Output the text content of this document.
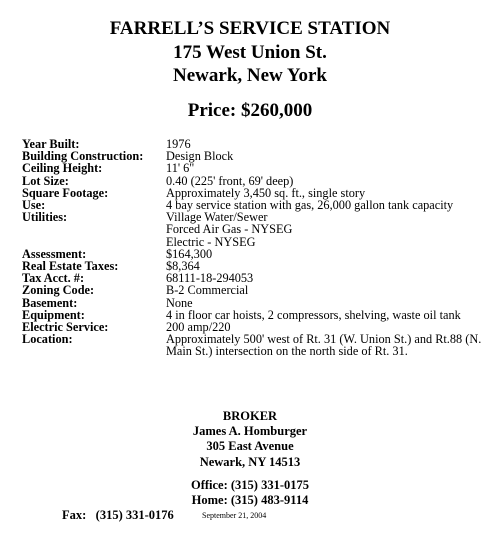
FARRELL’S SERVICE STATION
175 West Union St.
Newark, New York
Price: $260,000
Year Built:	1976
Building Construction: Design Block
Ceiling Height:	11' 6"
Lot Size:	0.40 (225' front, 69' deep)
Square Footage:	Approximately 3,450 sq. ft., single story
Use:	4 bay service station with gas, 26,000 gallon tank capacity
Utilities:	Village Water/Sewer
Forced Air Gas - NYSEG
Electric - NYSEG
Assessment:	$164,300
Real Estate Taxes:	$8,364
Tax Acct. #:	68111-18-294053
Zoning Code:	B-2 Commercial
Basement:	None
Equipment:	4 in floor car hoists, 2 compressors, shelving, waste oil tank
Electric Service:	200 amp/220
Location:	Approximately 500' west of Rt. 31 (W. Union St.) and Rt.88 (N.
Main St.) intersection on the north side of Rt. 31.
BROKER
James A. Homburger
305 East Avenue
Newark, NY 14513
Office: (315) 331-0175
Home: (315) 483-9114
Fax:   (315) 331-0176	September 21, 2004
